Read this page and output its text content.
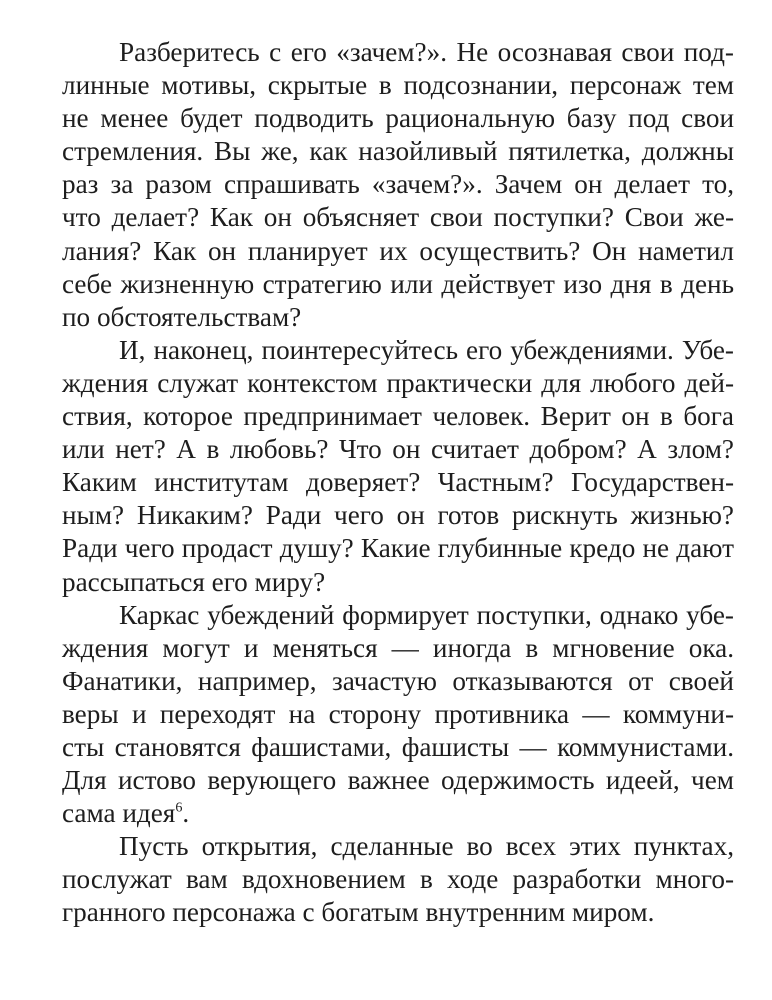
Разберитесь с его «зачем?». Не осознавая свои под-
линные мотивы, скрытые в подсознании, персонаж тем
не менее будет подводить рациональную базу под свои
стремления. Вы же, как назойливый пятилетка, должны
раз за разом спрашивать «зачем?». Зачем он делает то,
что делает? Как он объясняет свои поступки? Свои же-
лания? Как он планирует их осуществить? Он наметил
себе жизненную стратегию или действует изо дня в день
по обстоятельствам?
И, наконец, поинтересуйтесь его убеждениями. Убе-
ждения служат контекстом практически для любого дей-
ствия, которое предпринимает человек. Верит он в бога
или нет? А в любовь? Что он считает добром? А злом?
Каким институтам доверяет? Частным? Государствен-
ным? Никаким? Ради чего он готов рискнуть жизнью?
Ради чего продаст душу? Какие глубинные кредо не дают
рассыпаться его миру?
Каркас убеждений формирует поступки, однако убе-
ждения могут и меняться — иногда в мгновение ока.
Фанатики, например, зачастую отказываются от своей
веры и переходят на сторону противника — коммуни-
сты становятся фашистами, фашисты — коммунистами.
Для истово верующего важнее одержимость идеей, чем
сама идея$^6$.
Пусть открытия, сделанные во всех этих пунктах,
послужат вам вдохновением в ходе разработки много-
гранного персонажа с богатым внутренним миром.
